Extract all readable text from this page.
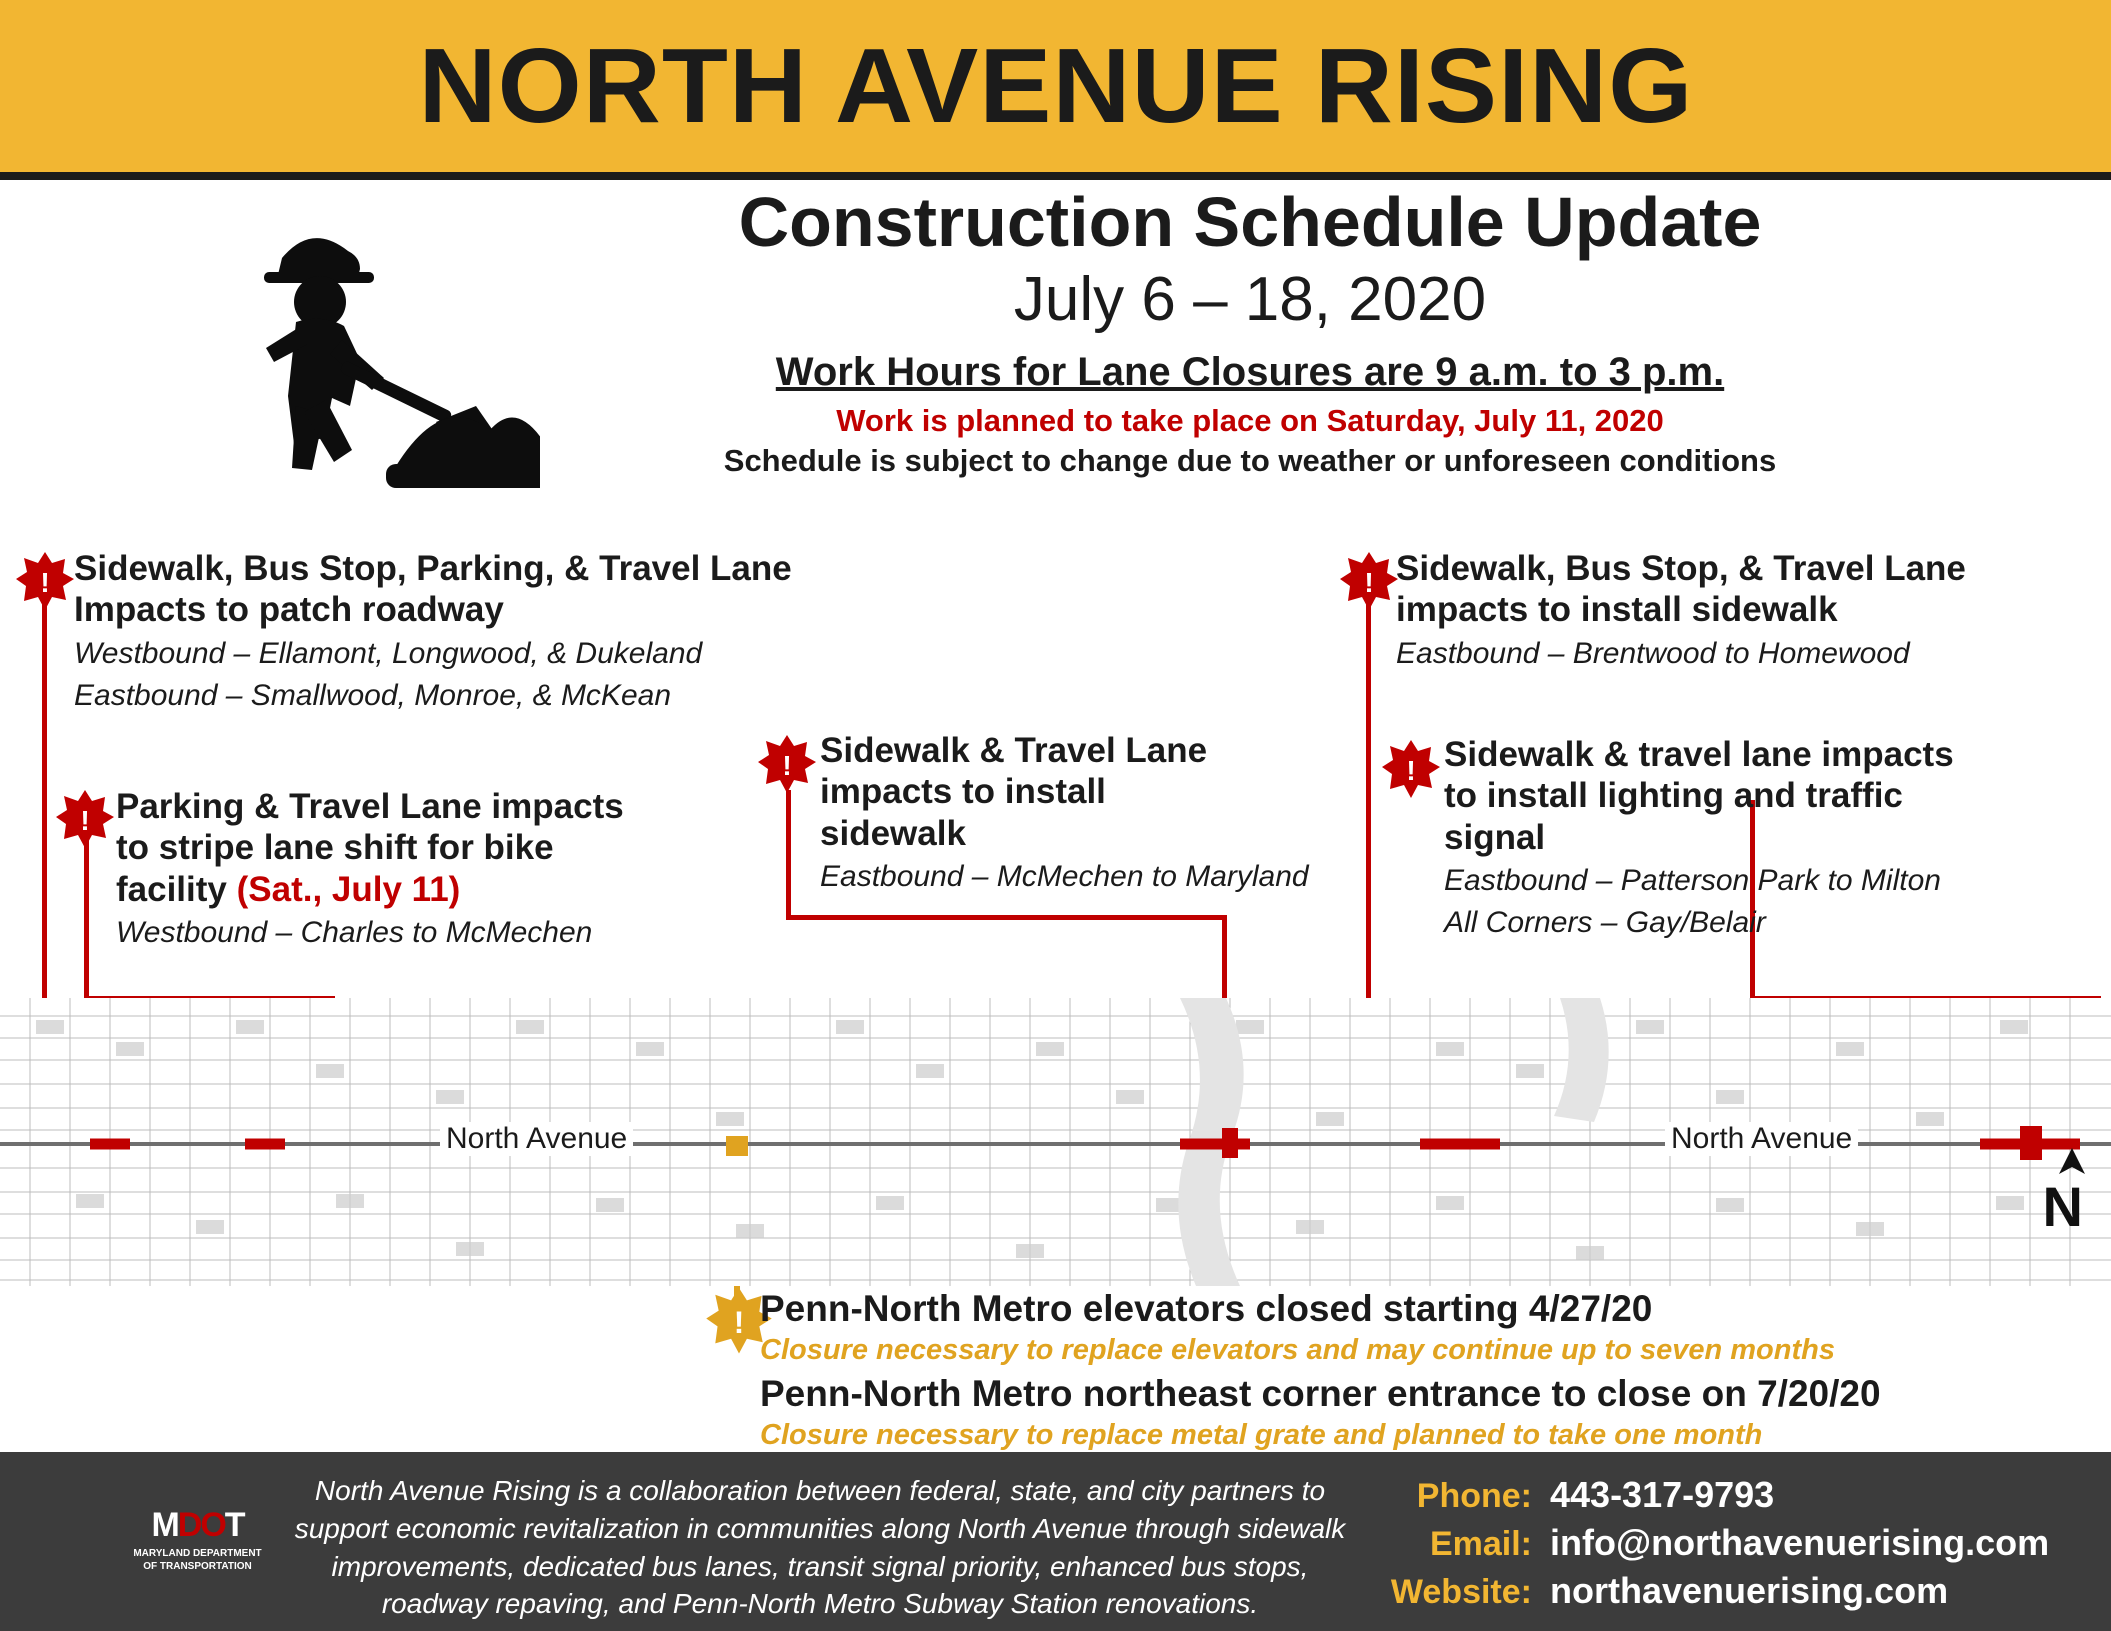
NORTH AVENUE RISING
Construction Schedule Update
July 6 – 18, 2020
Work Hours for Lane Closures are 9 a.m. to 3 p.m.
Work is planned to take place on Saturday, July 11, 2020
Schedule is subject to change due to weather or unforeseen conditions
! Sidewalk, Bus Stop, Parking, & Travel Lane
Impacts to patch roadway
Westbound – Ellamont, Longwood, & Dukeland
Eastbound – Smallwood, Monroe, & McKean
! Parking & Travel Lane impacts
to stripe lane shift for bike
facility (Sat., July 11)
Westbound – Charles to McMechen
! Sidewalk & Travel Lane
impacts to install
sidewalk
Eastbound – McMechen to Maryland
! Sidewalk, Bus Stop, & Travel Lane
impacts to install sidewalk
Eastbound – Brentwood to Homewood
! Sidewalk & travel lane impacts
to install lighting and traffic
signal
Eastbound – Patterson Park to Milton
All Corners – Gay/Belair
North Avenue	North Avenue
N
! Penn-North Metro elevators closed starting 4/27/20
Closure necessary to replace elevators and may continue up to seven months
Penn-North Metro northeast corner entrance to close on 7/20/20
Closure necessary to replace metal grate and planned to take one month
MDOT
MARYLAND DEPARTMENT OF TRANSPORTATION
North Avenue Rising is a collaboration between federal, state, and city partners to support economic revitalization in communities along North Avenue through sidewalk improvements, dedicated bus lanes, transit signal priority, enhanced bus stops, roadway repaving, and Penn-North Metro Subway Station renovations.
Phone: 443-317-9793
Email: info@northavenuerising.com
Website: northavenuerising.com
